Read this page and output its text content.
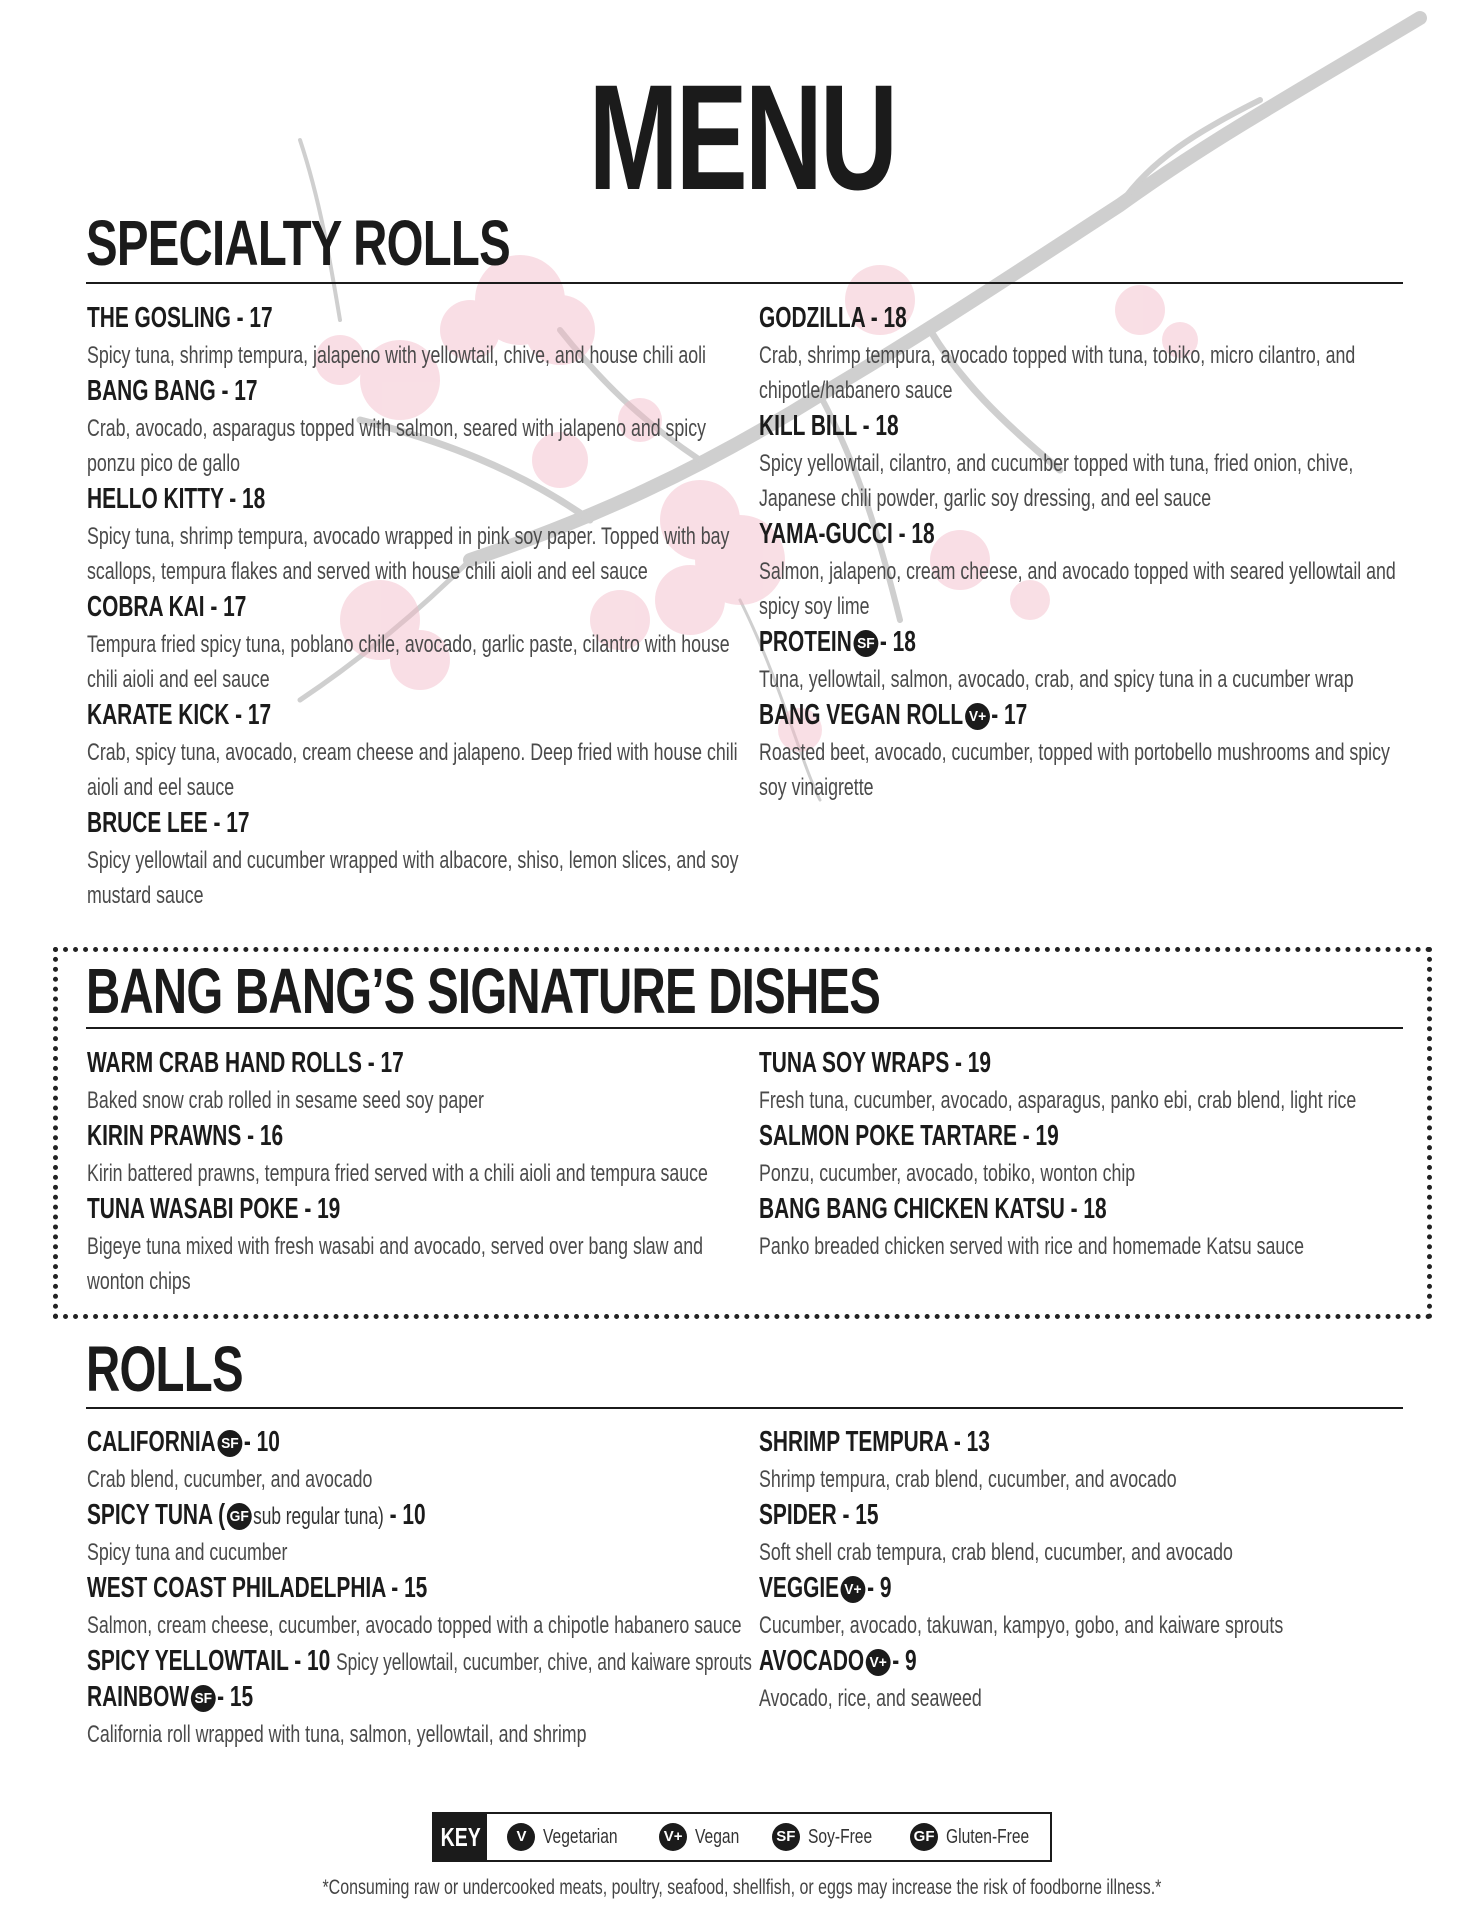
MENU
SPECIALTY ROLLS
THE GOSLING - 17
Spicy tuna, shrimp tempura, jalapeno with yellowtail, chive, and house chili aoli
BANG BANG - 17
Crab, avocado, asparagus topped with salmon, seared with jalapeno and spicy
ponzu pico de gallo
HELLO KITTY - 18
Spicy tuna, shrimp tempura, avocado wrapped in pink soy paper. Topped with bay
scallops, tempura flakes and served with house chili aioli and eel sauce
COBRA KAI - 17
Tempura fried spicy tuna, poblano chile, avocado, garlic paste, cilantro with house
chili aioli and eel sauce
KARATE KICK - 17
Crab, spicy tuna, avocado, cream cheese and jalapeno. Deep fried with house chili
aioli and eel sauce
BRUCE LEE - 17
Spicy yellowtail and cucumber wrapped with albacore, shiso, lemon slices, and soy
mustard sauce
GODZILLA - 18
Crab, shrimp tempura, avocado topped with tuna, tobiko, micro cilantro, and
chipotle/habanero sauce
KILL BILL - 18
Spicy yellowtail, cilantro, and cucumber topped with tuna, fried onion, chive,
Japanese chili powder, garlic soy dressing, and eel sauce
YAMA-GUCCI - 18
Salmon, jalapeno, cream cheese, and avocado topped with seared yellowtail and
spicy soy lime
PROTEIN SF - 18
Tuna, yellowtail, salmon, avocado, crab, and spicy tuna in a cucumber wrap
BANG VEGAN ROLL V+ - 17
Roasted beet, avocado, cucumber, topped with portobello mushrooms and spicy
soy vinaigrette
BANG BANG’S SIGNATURE DISHES
WARM CRAB HAND ROLLS - 17
Baked snow crab rolled in sesame seed soy paper
KIRIN PRAWNS - 16
Kirin battered prawns, tempura fried served with a chili aioli and tempura sauce
TUNA WASABI POKE - 19
Bigeye tuna mixed with fresh wasabi and avocado, served over bang slaw and
wonton chips
TUNA SOY WRAPS - 19
Fresh tuna, cucumber, avocado, asparagus, panko ebi, crab blend, light rice
SALMON POKE TARTARE - 19
Ponzu, cucumber, avocado, tobiko, wonton chip
BANG BANG CHICKEN KATSU - 18
Panko breaded chicken served with rice and homemade Katsu sauce
ROLLS
CALIFORNIA SF - 10
Crab blend, cucumber, and avocado
SPICY TUNA ( GF sub regular tuna) - 10
Spicy tuna and cucumber
WEST COAST PHILADELPHIA - 15
Salmon, cream cheese, cucumber, avocado topped with a chipotle habanero sauce
SPICY YELLOWTAIL - 10 Spicy yellowtail, cucumber, chive, and kaiware sprouts
RAINBOW SF - 15
California roll wrapped with tuna, salmon, yellowtail, and shrimp
SHRIMP TEMPURA - 13
Shrimp tempura, crab blend, cucumber, and avocado
SPIDER - 15
Soft shell crab tempura, crab blend, cucumber, and avocado
VEGGIE V+ - 9
Cucumber, avocado, takuwan, kampyo, gobo, and kaiware sprouts
AVOCADO V+ - 9
Avocado, rice, and seaweed
KEY	V Vegetarian	V+ Vegan SF Soy-Free	GF Gluten-Free
*Consuming raw or undercooked meats, poultry, seafood, shellfish, or eggs may increase the risk of foodborne illness.*
